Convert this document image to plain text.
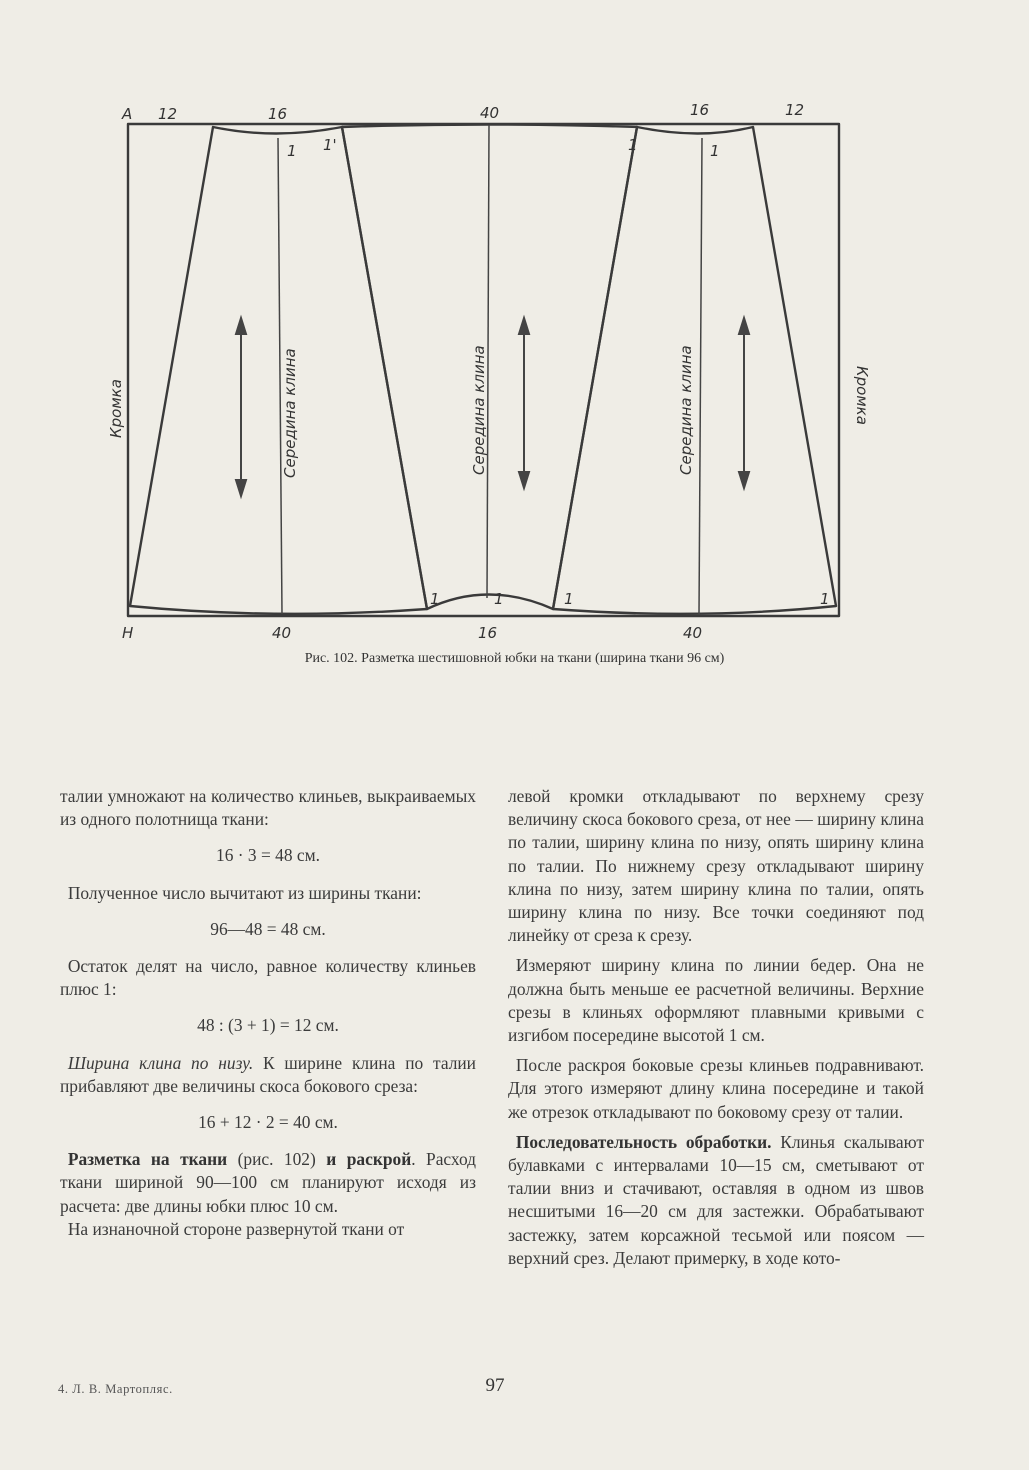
А
Н
12	16	40	16	12
40	16	40
1 1'	1	1
1	1	1	1
Кромка	Кромка
Середина клина	Середина клина	Середина клина
Рис. 102. Разметка шестишовной юбки на ткани (ширина ткани 96 см)

талии умножают на количество клиньев, выкраиваемых из одного полотнища ткани:

16 · 3 = 48 см.

Полученное число вычитают из ширины ткани:

96—48 = 48 см.

Остаток делят на число, равное количеству клиньев плюс 1:

48 : (3 + 1) = 12 см.

Ширина клина по низу. К ширине клина по талии прибавляют две величины скоса бокового среза:

16 + 12 · 2 = 40 см.

Разметка на ткани (рис. 102) и раскрой. Расход ткани шириной 90—100 см планируют исходя из расчета: две длины юбки плюс 10 см.

На изнаночной стороне развернутой ткани от

левой кромки откладывают по верхнему срезу величину скоса бокового среза, от нее — ширину клина по талии, ширину клина по низу, опять ширину клина по талии. По нижнему срезу откладывают ширину клина по низу, затем ширину клина по талии, опять ширину клина по низу. Все точки соединяют под линейку от среза к срезу.

Измеряют ширину клина по линии бедер. Она не должна быть меньше ее расчетной величины. Верхние срезы в клиньях оформляют плавными кривыми с изгибом посередине высотой 1 см.

После раскроя боковые срезы клиньев подравнивают. Для этого измеряют длину клина посередине и такой же отрезок откладывают по боковому срезу от талии.

Последовательность обработки. Клинья скалывают булавками с интервалами 10—15 см, сметывают от талии вниз и стачивают, оставляя в одном из швов несшитыми 16—20 см для застежки. Обрабатывают застежку, затем корсажной тесьмой или поясом — верхний срез. Делают примерку, в ходе кото-

4. Л. В. Мартопляс.	97
